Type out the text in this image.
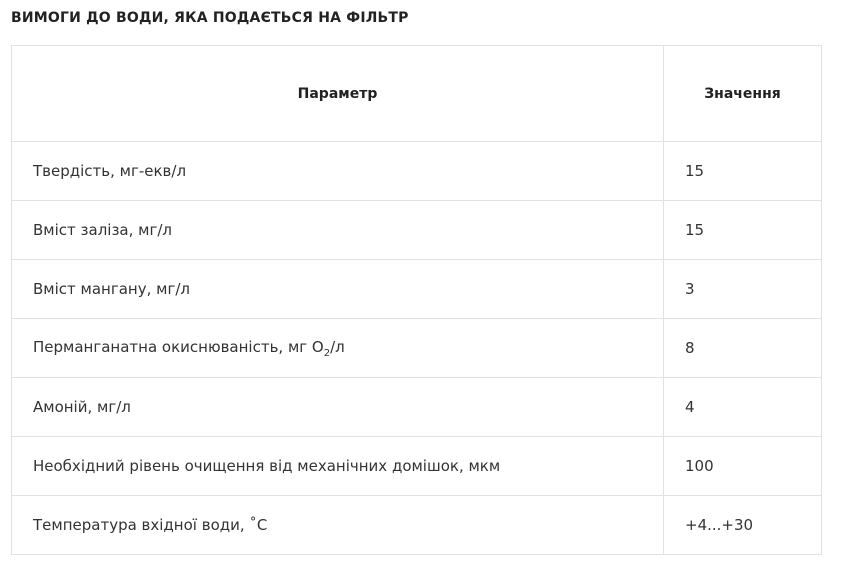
ВИМОГИ ДО ВОДИ, ЯКА ПОДАЄТЬСЯ НА ФІЛЬТР
Параметр	Значення
Твердість, мг-екв/л	15
Вміст заліза, мг/л	15
Вміст мангану, мг/л	3
Перманганатна окиснюваність, мг $О_2/л$	8
Амоній, мг/л	4
Необхідний рівень очищення від механічних домішок, мкм	100
Температура вхідної води, ˚С	+4...+30
